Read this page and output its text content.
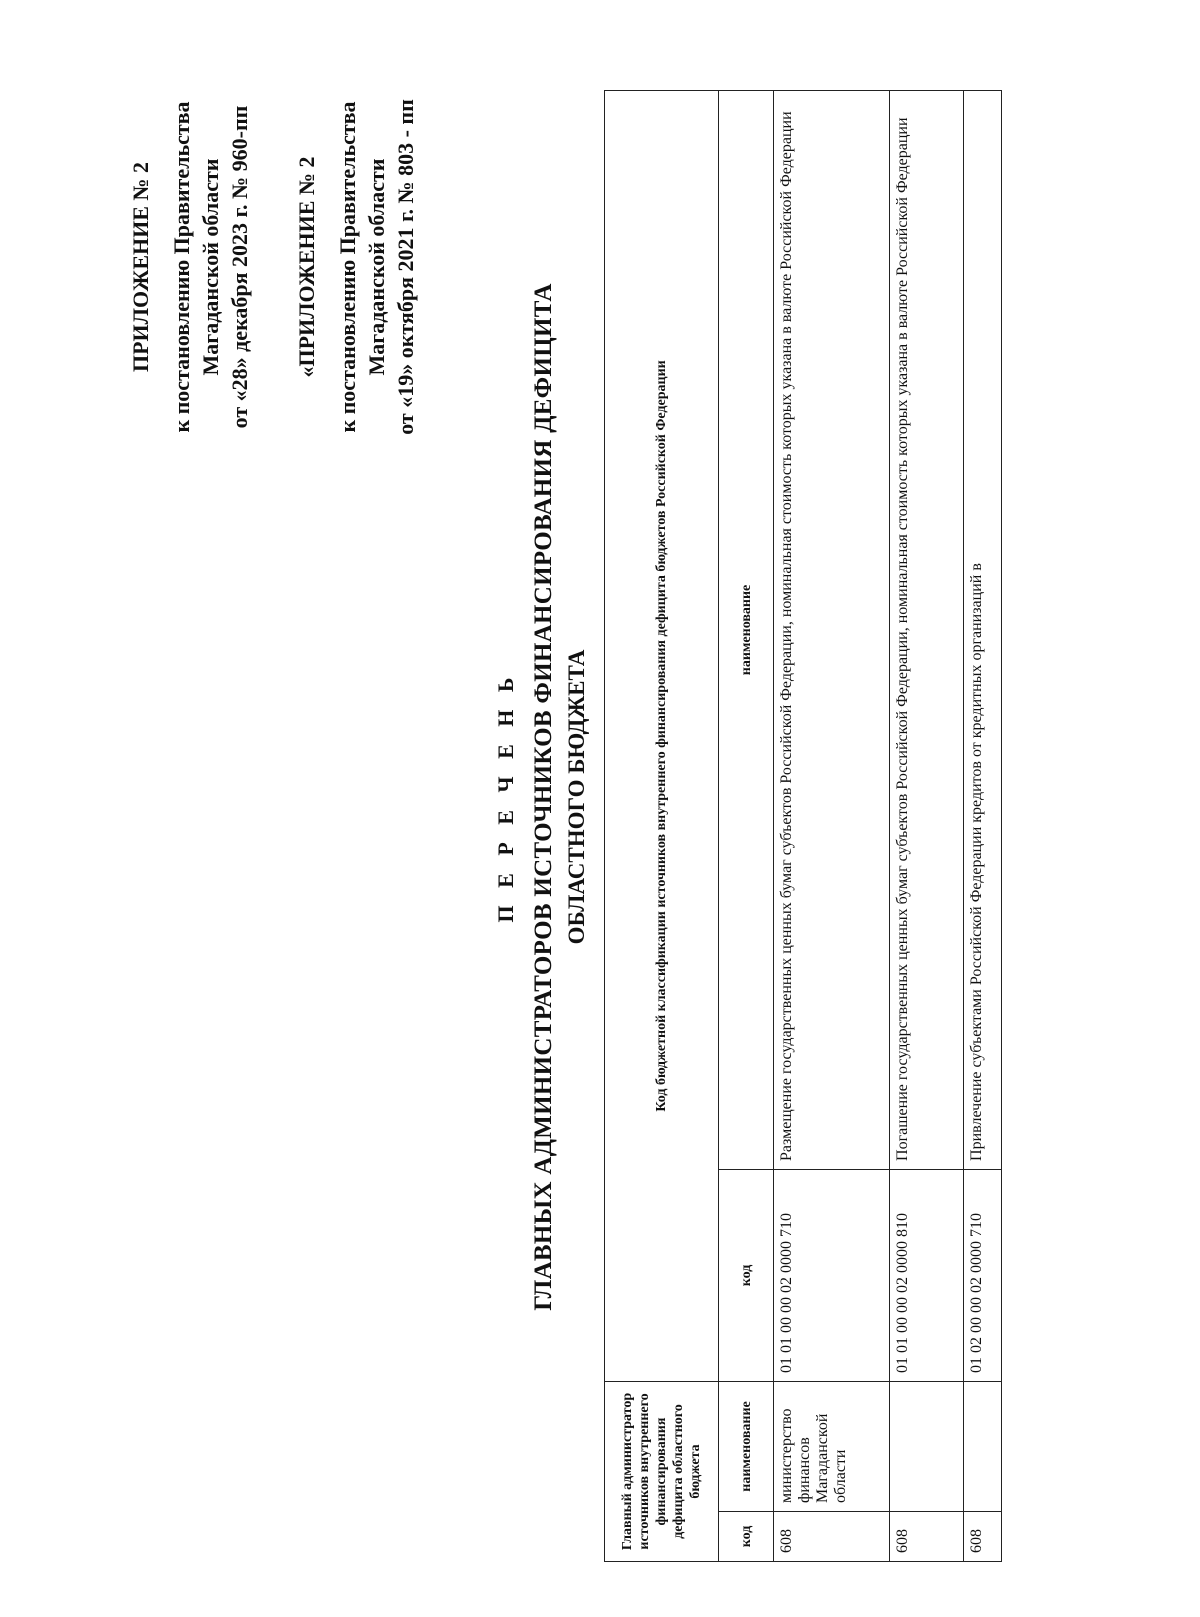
ПРИЛОЖЕНИЕ № 2 к постановлению Правительства Магаданской области от «28» декабря 2023 г. № 960-пп «ПРИЛОЖЕНИЕ № 2 к постановлению Правительства Магаданской области от «19» октября 2021 г. № 803 - пп
П Е Р Е Ч Е Н Ь ГЛАВНЫХ АДМИНИСТРАТОРОВ ИСТОЧНИКОВ ФИНАНСИРОВАНИЯ ДЕФИЦИТА ОБЛАСТНОГО БЮДЖЕТА
Главный администратор источников внутреннего финансирования дефицита областного бюджета		Код бюджетной классификации источников внутреннего финансирования дефицита бюджетов Российской Федерации	
код	наименование	код	наименование
608	министерство финансов Магаданской области	01 01 00 00 02 0000 710	Размещение государственных ценных бумаг субъектов Российской Федерации, номинальная стоимость которых указана в валюте Российской Федерации
608		01 01 00 00 02 0000 810	Погашение государственных ценных бумаг субъектов Российской Федерации, номинальная стоимость которых указана в валюте Российской Федерации
608		01 02 00 00 02 0000 710	Привлечение субъектами Российской Федерации кредитов от кредитных организаций в
